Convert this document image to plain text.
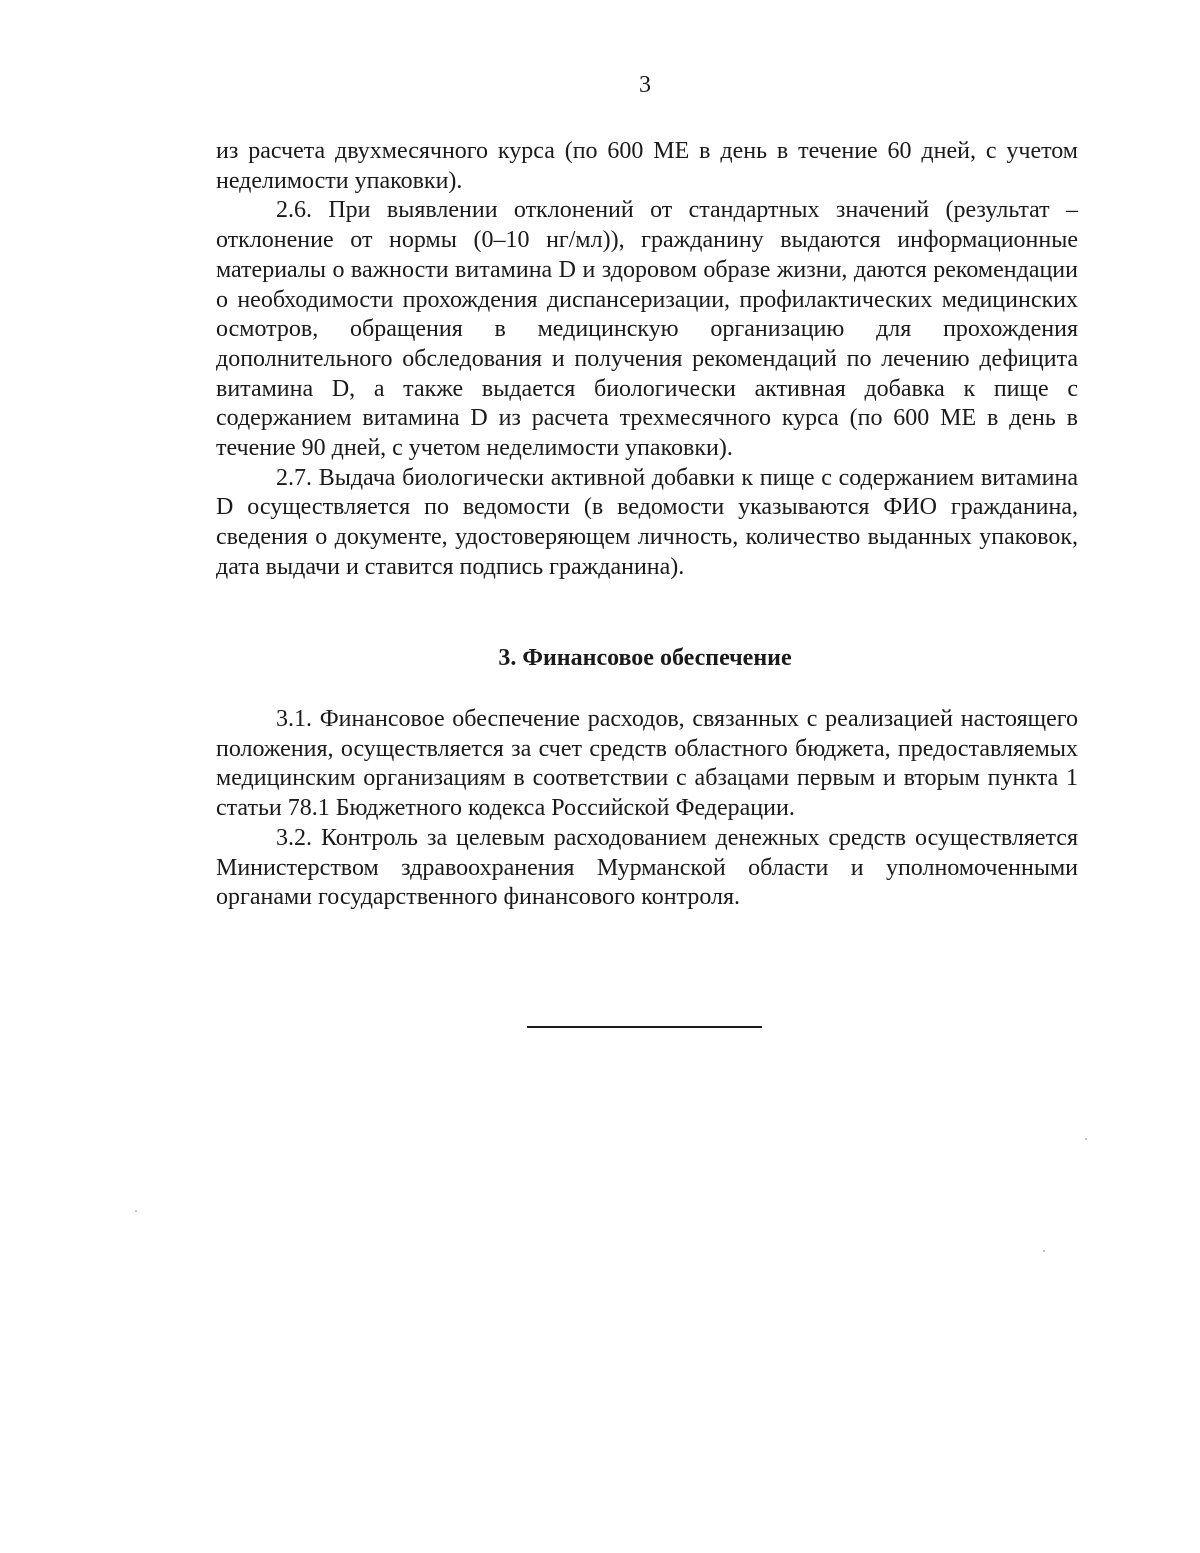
3

из расчета двухмесячного курса (по 600 МЕ в день в течение 60 дней, с учетом неделимости упаковки).

2.6. При выявлении отклонений от стандартных значений (результат – отклонение от нормы (0–10 нг/мл)), гражданину выдаются информационные материалы о важности витамина D и здоровом образе жизни, даются рекомендации о необходимости прохождения диспансеризации, профилактических медицинских осмотров, обращения в медицинскую организацию для прохождения дополнительного обследования и получения рекомендаций по лечению дефицита витамина D, а также выдается биологически активная добавка к пище с содержанием витамина D из расчета трехмесячного курса (по 600 МЕ в день в течение 90 дней, с учетом неделимости упаковки).

2.7. Выдача биологически активной добавки к пище с содержанием витамина D осуществляется по ведомости (в ведомости указываются ФИО гражданина, сведения о документе, удостоверяющем личность, количество выданных упаковок, дата выдачи и ставится подпись гражданина).

3. Финансовое обеспечение

3.1. Финансовое обеспечение расходов, связанных с реализацией настоящего положения, осуществляется за счет средств областного бюджета, предоставляемых медицинским организациям в соответствии с абзацами первым и вторым пункта 1 статьи 78.1 Бюджетного кодекса Российской Федерации.

3.2. Контроль за целевым расходованием денежных средств осуществляется Министерством здравоохранения Мурманской области и уполномоченными органами государственного финансового контроля.
